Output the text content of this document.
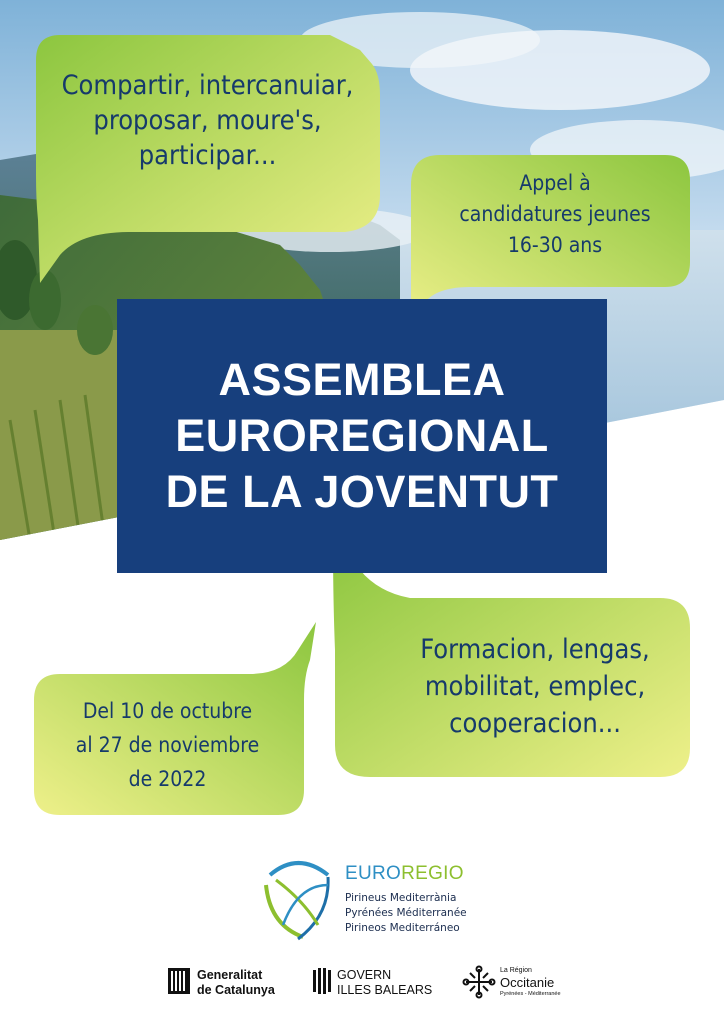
Compartir, intercanuiar,
proposar, moure's,
participar...
Appel à
candidatures jeunes
16-30 ans
Formacion, lengas,
mobilitat, emplec,
cooperacion...
Del 10 de octubre
al 27 de noviembre
de 2022
ASSEMBLEA
EUROREGIONAL
DE LA JOVENTUT
EUROREGIO
Pirineus Mediterrània
Pyrénées Méditerranée
Pirineos Mediterráneo
Generalitat
de Catalunya
GOVERN
ILLES BALEARS
La Région
Occitanie
Pyrénées - Méditerranée
